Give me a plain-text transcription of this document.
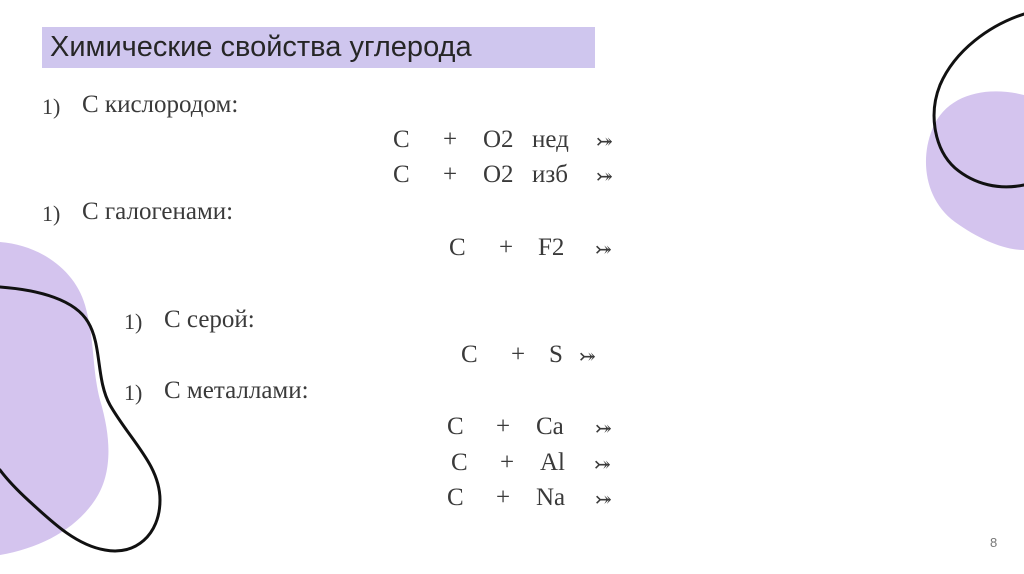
Химические свойства углерода
1) С кислородом:
С + О2 нед ⤖
С + О2 изб ⤖
1) С галогенами:
С + F2 ⤖
1) С серой:
С + S ⤖
1) С металлами:
С + Ca ⤖
С + Al ⤖
С + Na ⤖
8
